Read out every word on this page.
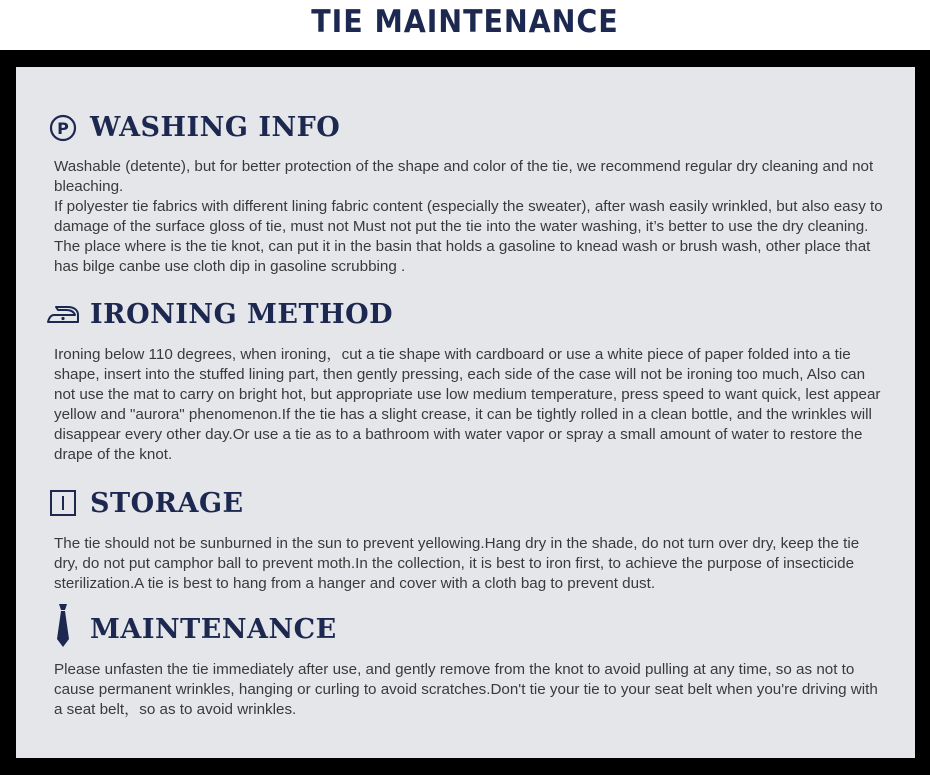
TIE MAINTENANCE
P WASHING INFO

Washable (detente), but for better protection of the shape and color of the tie, we recommend regular dry cleaning and not bleaching.
If polyester tie fabrics with different lining fabric content (especially the sweater), after wash easily wrinkled, but also easy to damage of the surface gloss of tie, must not Must not put the tie into the water washing, it’s better to use the dry cleaning. The place where is the tie knot, can put it in the basin that holds a gasoline to knead wash or brush wash, other place that has bilge canbe use cloth dip in gasoline scrubbing .

IRONING METHOD

Ironing below 110 degrees, when ironing，cut a tie shape with cardboard or use a white piece of paper folded into a tie shape, insert into the stuffed lining part, then gently pressing, each side of the case will not be ironing too much, Also can not use the mat to carry on bright hot, but appropriate use low medium temperature, press speed to want quick, lest appear yellow and "aurora" phenomenon.If the tie has a slight crease, it can be tightly rolled in a clean bottle, and the wrinkles will disappear every other day.Or use a tie as to a bathroom with water vapor or spray a small amount of water to restore the drape of the knot.

STORAGE

The tie should not be sunburned in the sun to prevent yellowing.Hang dry in the shade, do not turn over dry, keep the tie dry, do not put camphor ball to prevent moth.In the collection, it is best to iron first, to achieve the purpose of insecticide sterilization.A tie is best to hang from a hanger and cover with a cloth bag to prevent dust.

MAINTENANCE

Please unfasten the tie immediately after use, and gently remove from the knot to avoid pulling at any time, so as not to cause permanent wrinkles, hanging or curling to avoid scratches.Don't tie your tie to your seat belt when you're driving with a seat belt，so as to avoid wrinkles.
